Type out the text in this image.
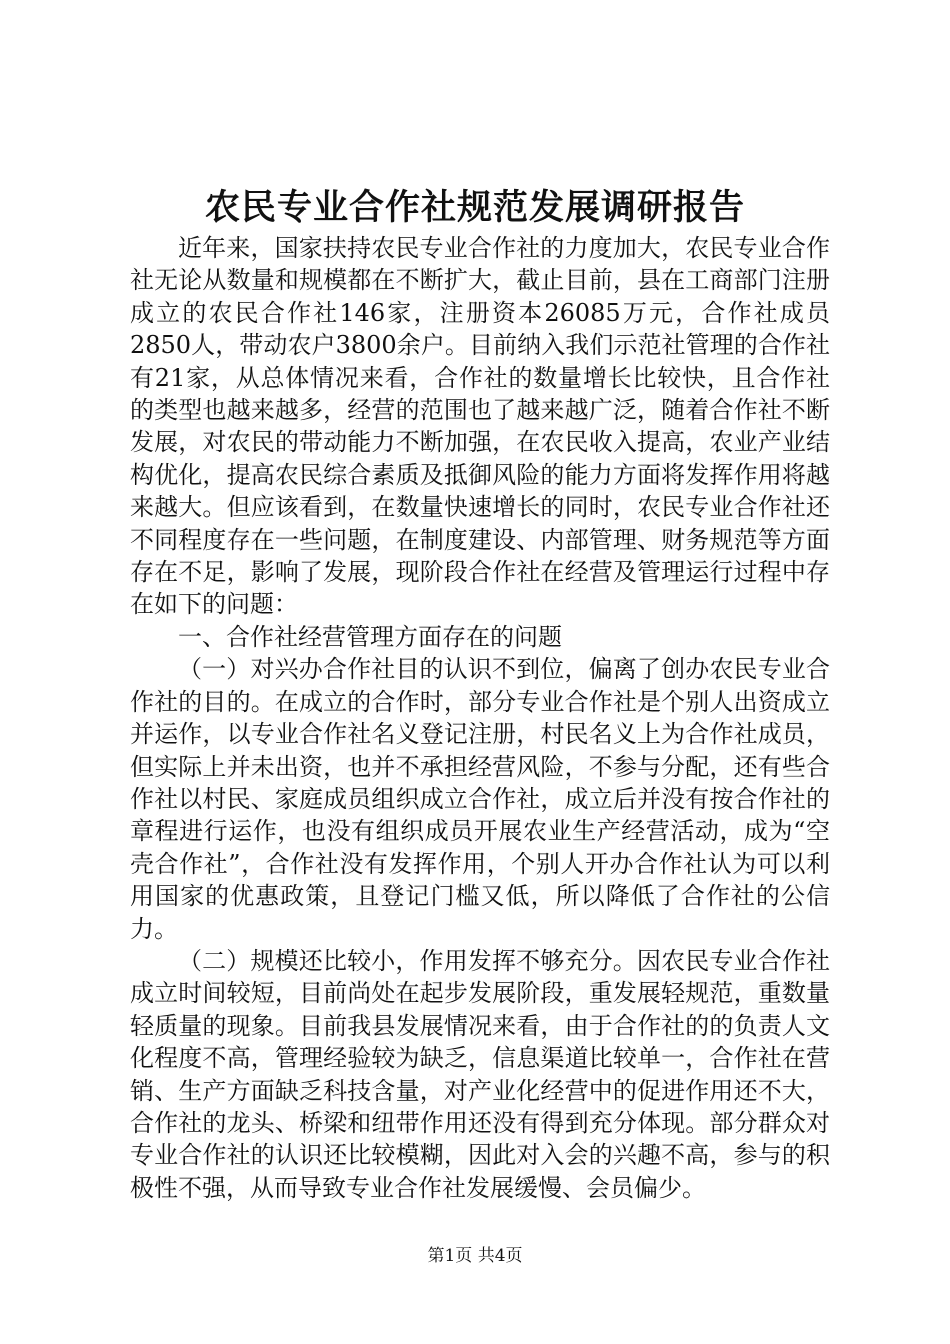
农民专业合作社规范发展调研报告

近年来，国家扶持农民专业合作社的力度加大，农民专业合作社无论从数量和规模都在不断扩大，截止目前，县在工商部门注册成立的农民合作社146家，注册资本26085万元，合作社成员2850人，带动农户3800余户。目前纳入我们示范社管理的合作社有21家，从总体情况来看，合作社的数量增长比较快，且合作社的类型也越来越多，经营的范围也了越来越广泛，随着合作社不断发展，对农民的带动能力不断加强，在农民收入提高，农业产业结构优化，提高农民综合素质及抵御风险的能力方面将发挥作用将越来越大。但应该看到，在数量快速增长的同时，农民专业合作社还不同程度存在一些问题，在制度建设、内部管理、财务规范等方面存在不足，影响了发展，现阶段合作社在经营及管理运行过程中存在如下的问题：

一、合作社经营管理方面存在的问题

（一）对兴办合作社目的认识不到位，偏离了创办农民专业合作社的目的。在成立的合作时，部分专业合作社是个别人出资成立并运作，以专业合作社名义登记注册，村民名义上为合作社成员，但实际上并未出资，也并不承担经营风险，不参与分配，还有些合作社以村民、家庭成员组织成立合作社，成立后并没有按合作社的章程进行运作，也没有组织成员开展农业生产经营活动，成为“空壳合作社”，合作社没有发挥作用，个别人开办合作社认为可以利用国家的优惠政策，且登记门槛又低，所以降低了合作社的公信力。

（二）规模还比较小，作用发挥不够充分。因农民专业合作社成立时间较短，目前尚处在起步发展阶段，重发展轻规范，重数量轻质量的现象。目前我县发展情况来看，由于合作社的的负责人文化程度不高，管理经验较为缺乏，信息渠道比较单一，合作社在营销、生产方面缺乏科技含量，对产业化经营中的促进作用还不大，合作社的龙头、桥梁和纽带作用还没有得到充分体现。部分群众对专业合作社的认识还比较模糊，因此对入会的兴趣不高，参与的积极性不强，从而导致专业合作社发展缓慢、会员偏少。

第1页 共4页
